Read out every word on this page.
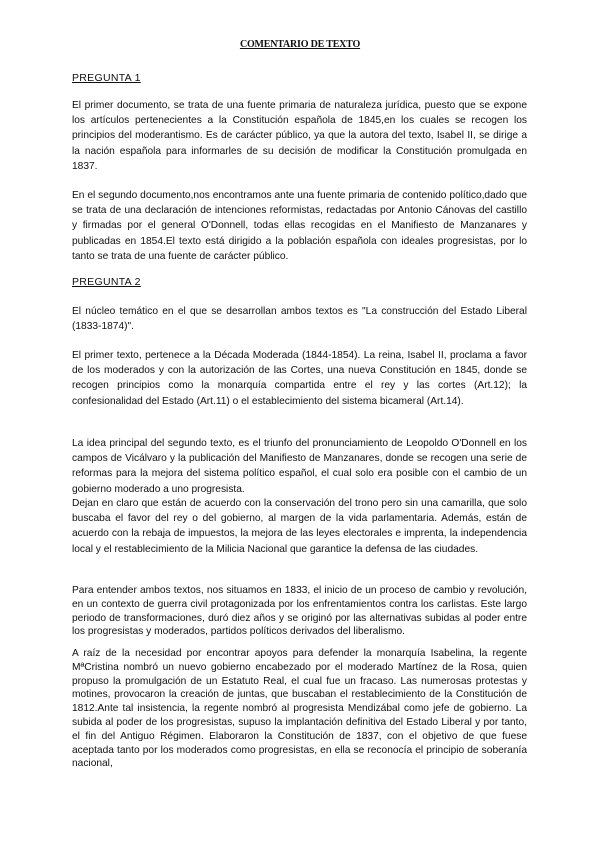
COMENTARIO DE TEXTO
PREGUNTA 1

El primer documento, se trata de una fuente primaria de naturaleza jurídica, puesto que se expone los artículos pertenecientes a la Constitución española de 1845,en los cuales se recogen los principios del moderantismo. Es de carácter público, ya que la autora del texto, Isabel II, se dirige a la nación española para informarles de su decisión de modificar la Constitución promulgada en 1837.

En el segundo documento,nos encontramos ante una fuente primaria de contenido político,dado que se trata de una declaración de intenciones reformistas, redactadas por Antonio Cánovas del castillo y firmadas por el general O'Donnell, todas ellas recogidas en el Manifiesto de Manzanares y publicadas en 1854.El texto está dirigido a la población española con ideales progresistas, por lo tanto se trata de una fuente de carácter público.

PREGUNTA 2

El núcleo temático en el que se desarrollan ambos textos es "La construcción del Estado Liberal (1833-1874)".

El primer texto, pertenece a la Década Moderada (1844-1854). La reina, Isabel II, proclama a favor de los moderados y con la autorización de las Cortes, una nueva Constitución en 1845, donde se recogen principios como la monarquía compartida entre el rey y las cortes (Art.12); la confesionalidad del Estado (Art.11) o el establecimiento del sistema bicameral (Art.14).

La idea principal del segundo texto, es el triunfo del pronunciamiento de Leopoldo O'Donnell en los campos de Vicálvaro y la publicación del Manifiesto de Manzanares, donde se recogen una serie de reformas para la mejora del sistema político español, el cual solo era posible con el cambio de un gobierno moderado a uno progresista.

Dejan en claro que están de acuerdo con la conservación del trono pero sin una camarilla, que solo buscaba el favor del rey o del gobierno, al margen de la vida parlamentaria. Además, están de acuerdo con la rebaja de impuestos, la mejora de las leyes electorales e imprenta, la independencia local y el restablecimiento de la Milicia Nacional que garantice la defensa de las ciudades.

Para entender ambos textos, nos situamos en 1833, el inicio de un proceso de cambio y revolución, en un contexto de guerra civil protagonizada por los enfrentamientos contra los carlistas. Este largo periodo de transformaciones, duró diez años y se originó por las alternativas subidas al poder entre los progresistas y moderados, partidos políticos derivados del liberalismo.

A raíz de la necesidad por encontrar apoyos para defender la monarquía Isabelina, la regente MªCristina nombró un nuevo gobierno encabezado por el moderado Martínez de la Rosa, quien propuso la promulgación de un Estatuto Real, el cual fue un fracaso. Las numerosas protestas y motines, provocaron la creación de juntas, que buscaban el restablecimiento de la Constitución de 1812.Ante tal insistencia, la regente nombró al progresista Mendizábal como jefe de gobierno. La subida al poder de los progresistas, supuso la implantación definitiva del Estado Liberal y por tanto, el fin del Antiguo Régimen. Elaboraron la Constitución de 1837, con el objetivo de que fuese aceptada tanto por los moderados como progresistas, en ella se reconocía el principio de soberanía nacional,
